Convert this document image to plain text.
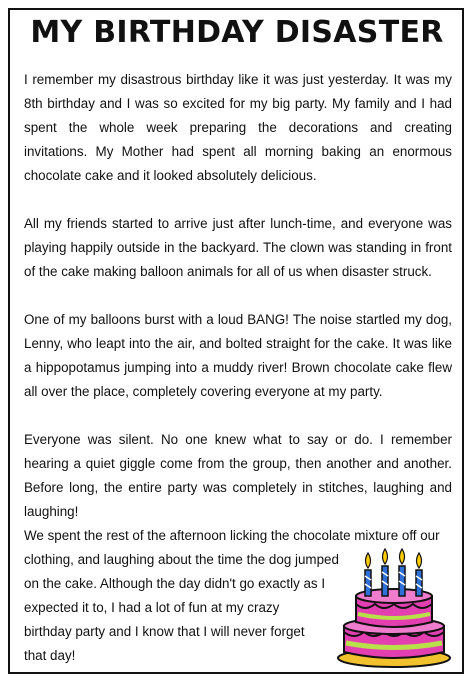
MY BIRTHDAY DISASTER

I remember my disastrous birthday like it was just yesterday. It was my 8th birthday and I was so excited for my big party. My family and I had spent the whole week preparing the decorations and creating invitations. My Mother had spent all morning baking an enormous chocolate cake and it looked absolutely delicious.

All my friends started to arrive just after lunch-time, and everyone was playing happily outside in the backyard. The clown was standing in front of the cake making balloon animals for all of us when disaster struck.

One of my balloons burst with a loud BANG! The noise startled my dog, Lenny, who leapt into the air, and bolted straight for the cake. It was like a hippopotamus jumping into a muddy river! Brown chocolate cake flew all over the place, completely covering everyone at my party.

Everyone was silent. No one knew what to say or do. I remember hearing a quiet giggle come from the group, then another and another. Before long, the entire party was completely in stitches, laughing and laughing!

We spent the rest of the afternoon licking the chocolate mixture off our
clothing, and laughing about the time the dog jumped
on the cake. Although the day didn't go exactly as I
expected it to, I had a lot of fun at my crazy
birthday party and I know that I will never forget
that day!
